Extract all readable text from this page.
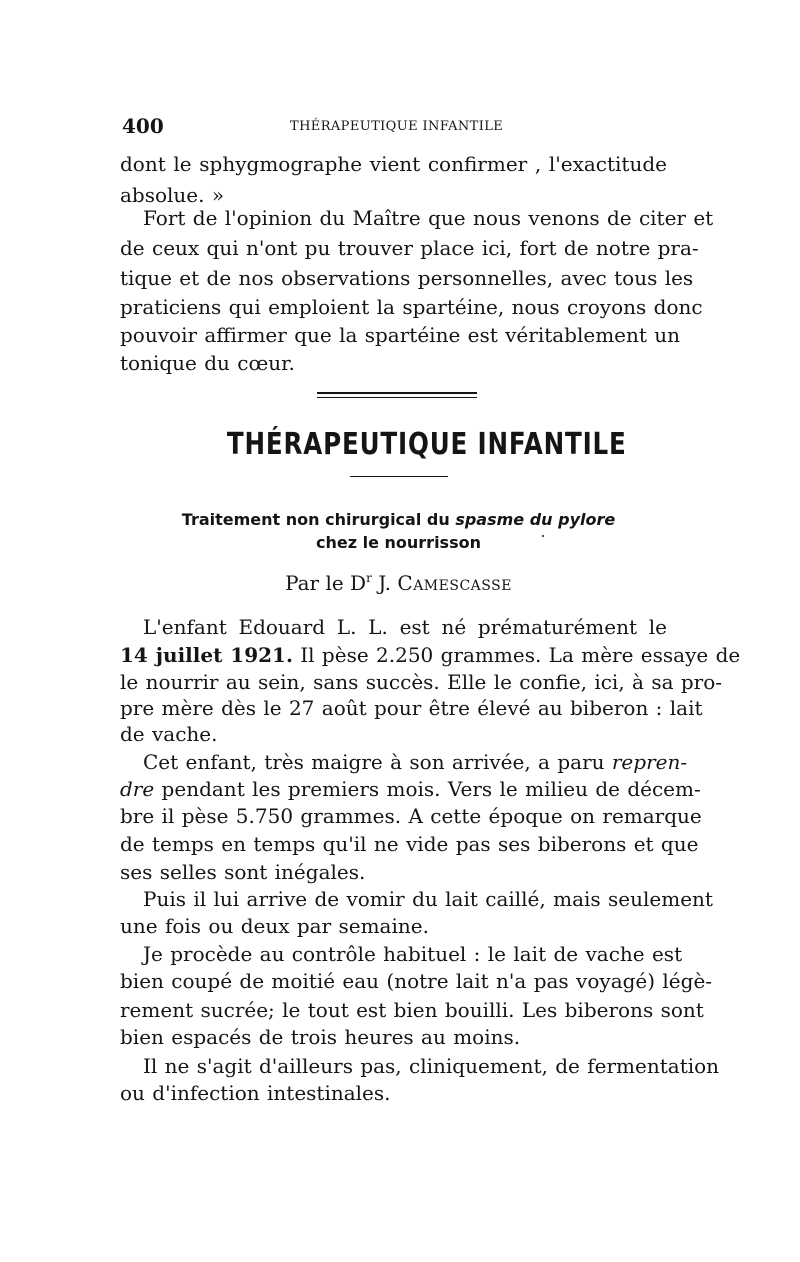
400	THÉRAPEUTIQUE INFANTILE
dont le sphygmographe vient confirmer , l'exactitude
absolue. »
Fort de l'opinion du Maître que nous venons de citer et
de ceux qui n'ont pu trouver place ici, fort de notre pra-
tique et de nos observations personnelles, avec tous les
praticiens qui emploient la spartéine, nous croyons donc
pouvoir affirmer que la spartéine est véritablement un
tonique du cœur.
THÉRAPEUTIQUE INFANTILE
Traitement non chirurgical du spasme du pylore
chez le nourrisson
Par le $D^r$ J. Camescasse
L'enfant Edouard L. L. est né prématurément le
14 juillet 1921. Il pèse 2.250 grammes. La mère essaye de
le nourrir au sein, sans succès. Elle le confie, ici, à sa pro-
pre mère dès le 27 août pour être élevé au biberon : lait
de vache.
Cet enfant, très maigre à son arrivée, a paru repren-
dre pendant les premiers mois. Vers le milieu de décem-
bre il pèse 5.750 grammes. A cette époque on remarque
de temps en temps qu'il ne vide pas ses biberons et que
ses selles sont inégales.
Puis il lui arrive de vomir du lait caillé, mais seulement
une fois ou deux par semaine.
Je procède au contrôle habituel : le lait de vache est
bien coupé de moitié eau (notre lait n'a pas voyagé) légè-
rement sucrée; le tout est bien bouilli. Les biberons sont
bien espacés de trois heures au moins.
Il ne s'agit d'ailleurs pas, cliniquement, de fermentation
ou d'infection intestinales.
